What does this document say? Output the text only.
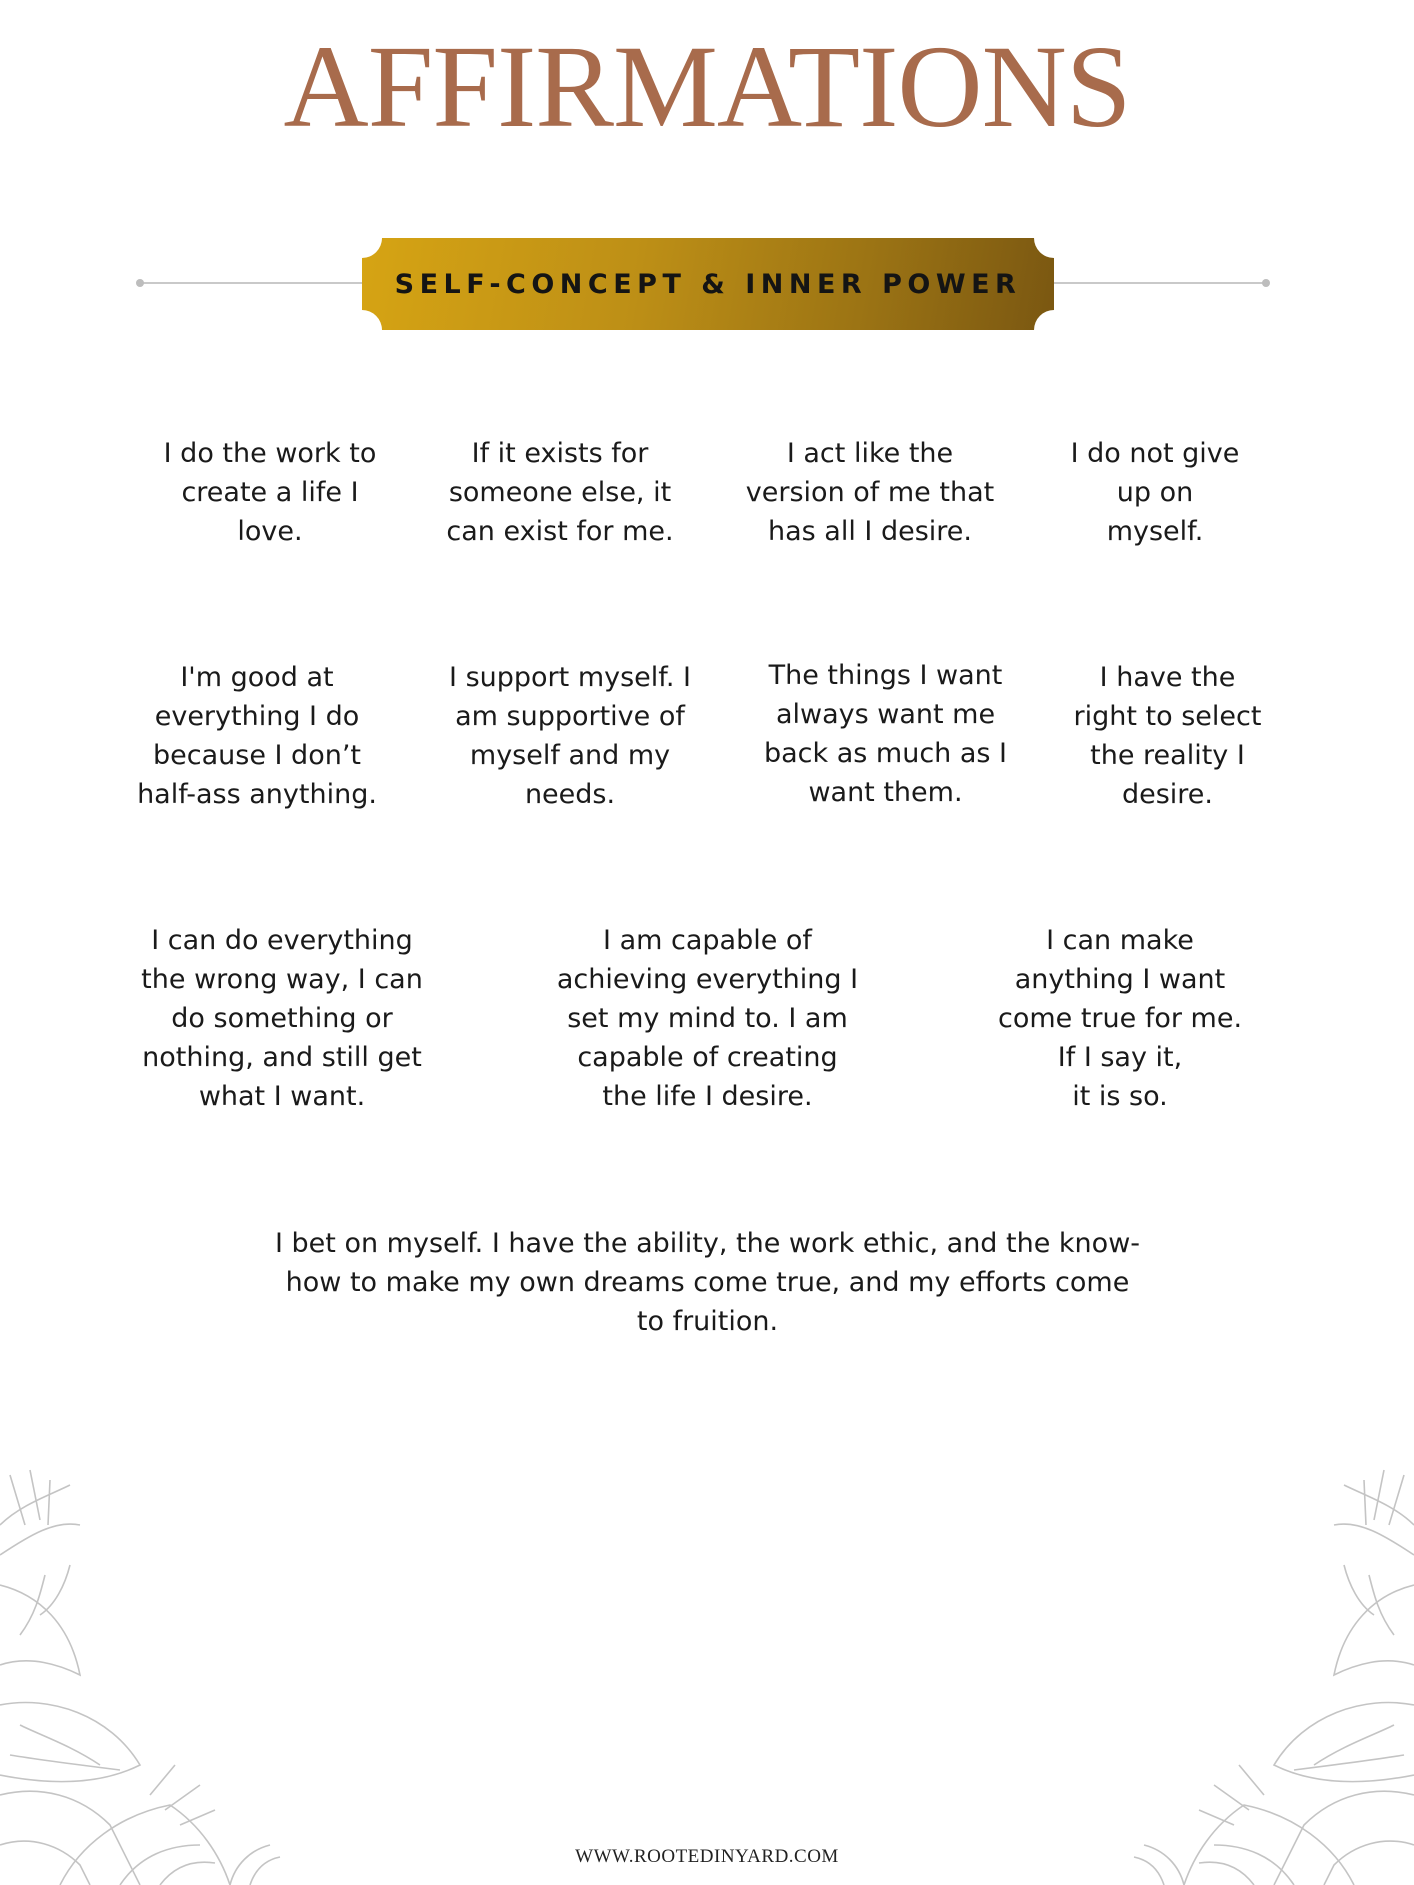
AFFIRMATIONS
SELF-CONCEPT & INNER POWER
I do the work to
create a life I
love.
If it exists for
someone else, it
can exist for me.
I act like the
version of me that
has all I desire.
I do not give
up on
myself.
I'm good at
everything I do
because I don’t
half-ass anything.
I support myself. I
am supportive of
myself and my
needs.
The things I want
always want me
back as much as I
want them.
I have the
right to select
the reality I
desire.
I can do everything
the wrong way, I can
do something or
nothing, and still get
what I want.
I am capable of
achieving everything I
set my mind to. I am
capable of creating
the life I desire.
I can make
anything I want
come true for me.
If I say it,
it is so.
I bet on myself. I have the ability, the work ethic, and the know-
how to make my own dreams come true, and my efforts come
to fruition.
WWW.ROOTEDINYARD.COM
